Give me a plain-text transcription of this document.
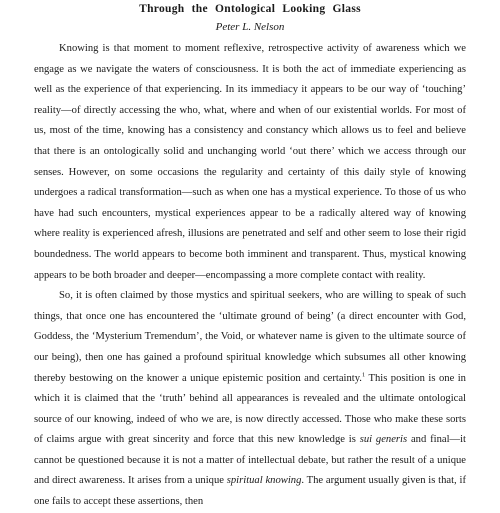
Through the Ontological Looking Glass
Peter L. Nelson

Knowing is that moment to moment reflexive, retrospective activity of awareness which we engage as we navigate the waters of consciousness. It is both the act of immediate experiencing as well as the experience of that experiencing. In its immediacy it appears to be our way of ‘touching’ reality—of directly accessing the who, what, where and when of our existential worlds. For most of us, most of the time, knowing has a consistency and constancy which allows us to feel and believe that there is an ontologically solid and unchanging world ‘out there’ which we access through our senses. However, on some occasions the regularity and certainty of this daily style of knowing undergoes a radical transformation—such as when one has a mystical experience. To those of us who have had such encounters, mystical experiences appear to be a radically altered way of knowing where reality is experienced afresh, illusions are penetrated and self and other seem to lose their rigid boundedness. The world appears to become both imminent and transparent. Thus, mystical knowing appears to be both broader and deeper—encompassing a more complete contact with reality.

So, it is often claimed by those mystics and spiritual seekers, who are willing to speak of such things, that once one has encountered the ‘ultimate ground of being’ (a direct encounter with God, Goddess, the ‘Mysterium Tremendum’, the Void, or whatever name is given to the ultimate source of our being), then one has gained a profound spiritual knowledge which subsumes all other knowing thereby bestowing on the knower a unique epistemic position and certainty.$^1$ This position is one in which it is claimed that the ‘truth’ behind all appearances is revealed and the ultimate ontological source of our knowing, indeed of who we are, is now directly accessed. Those who make these sorts of claims argue with great sincerity and force that this new knowledge is sui generis and final—it cannot be questioned because it is not a matter of intellectual debate, but rather the result of a unique and direct awareness. It arises from a unique spiritual knowing. The argument usually given is that, if one fails to accept these assertions, then
